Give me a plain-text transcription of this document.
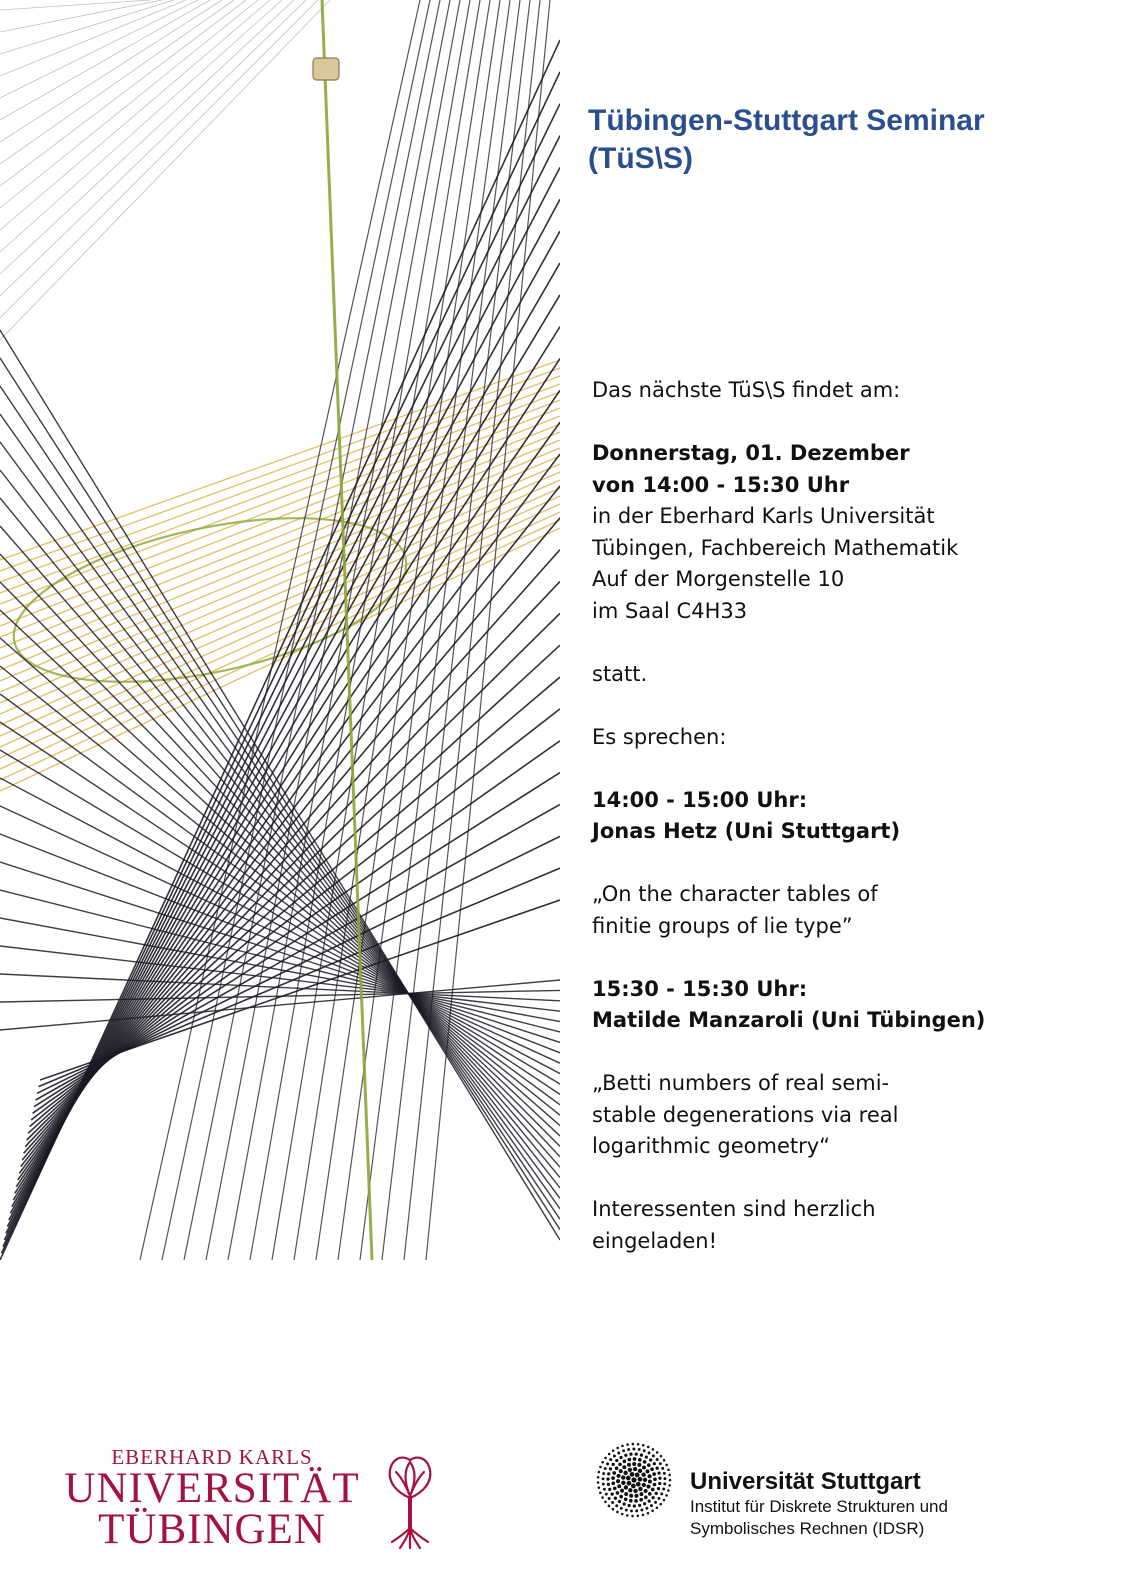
Tübingen-Stuttgart Seminar
(TüS\S)
Das nächste TüS\S findet am:
Donnerstag, 01. Dezember
von 14:00 - 15:30 Uhr
in der Eberhard Karls Universität
Tübingen, Fachbereich Mathematik
Auf der Morgenstelle 10
im Saal C4H33
statt.
Es sprechen:
14:00 - 15:00 Uhr:
Jonas Hetz (Uni Stuttgart)
„On the character tables of
finitie groups of lie type”
15:30 - 15:30 Uhr:
Matilde Manzaroli (Uni Tübingen)
„Betti numbers of real semi-
stable degenerations via real
logarithmic geometry“
Interessenten sind herzlich
eingeladen!
EBERHARD KARLS
UNIVERSITÄT
TÜBINGEN
Universität Stuttgart
Institut für Diskrete Strukturen und
Symbolisches Rechnen (IDSR)
